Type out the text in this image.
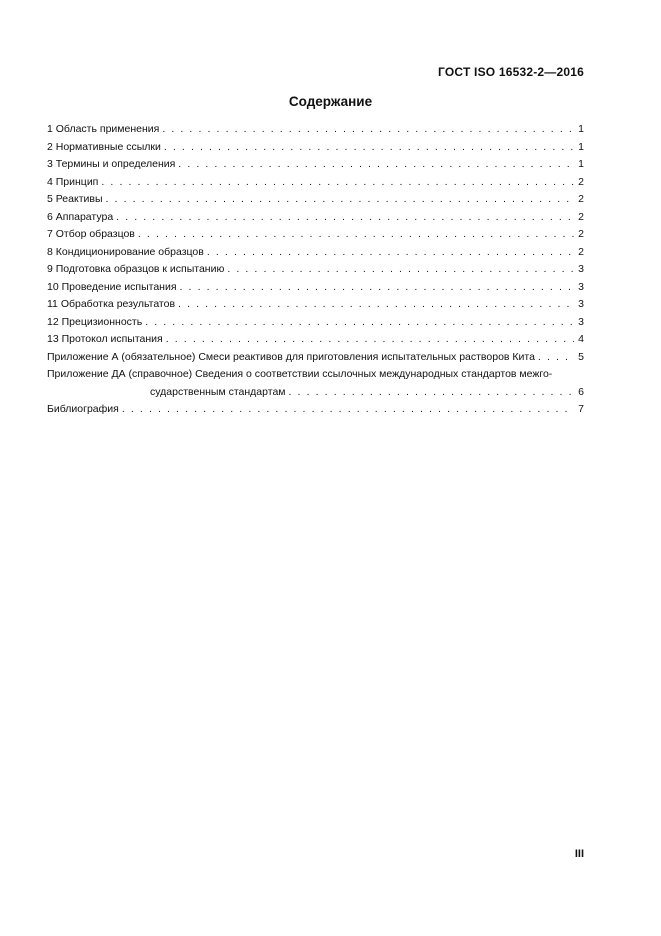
ГОСТ ISO 16532-2—2016
Содержание
1 Область применения . . .	1
2 Нормативные ссылки . . .	1
3 Термины и определения . . .	1
4 Принцип . . .	2
5 Реактивы . . .	2
6 Аппаратура . . .	2
7 Отбор образцов . . .	2
8 Кондиционирование образцов . . .	2
9 Подготовка образцов к испытанию . . .	3
10 Проведение испытания . . .	3
11 Обработка результатов . . .	3
12 Прецизионность . . .	3
13 Протокол испытания . . .	4
Приложение А (обязательное) Смеси реактивов для приготовления испытательных растворов Кита . . .	5
Приложение ДА (справочное) Сведения о соответствии ссылочных международных стандартов межго-
сударственным стандартам . . .	6
Библиография . . .	7
III
